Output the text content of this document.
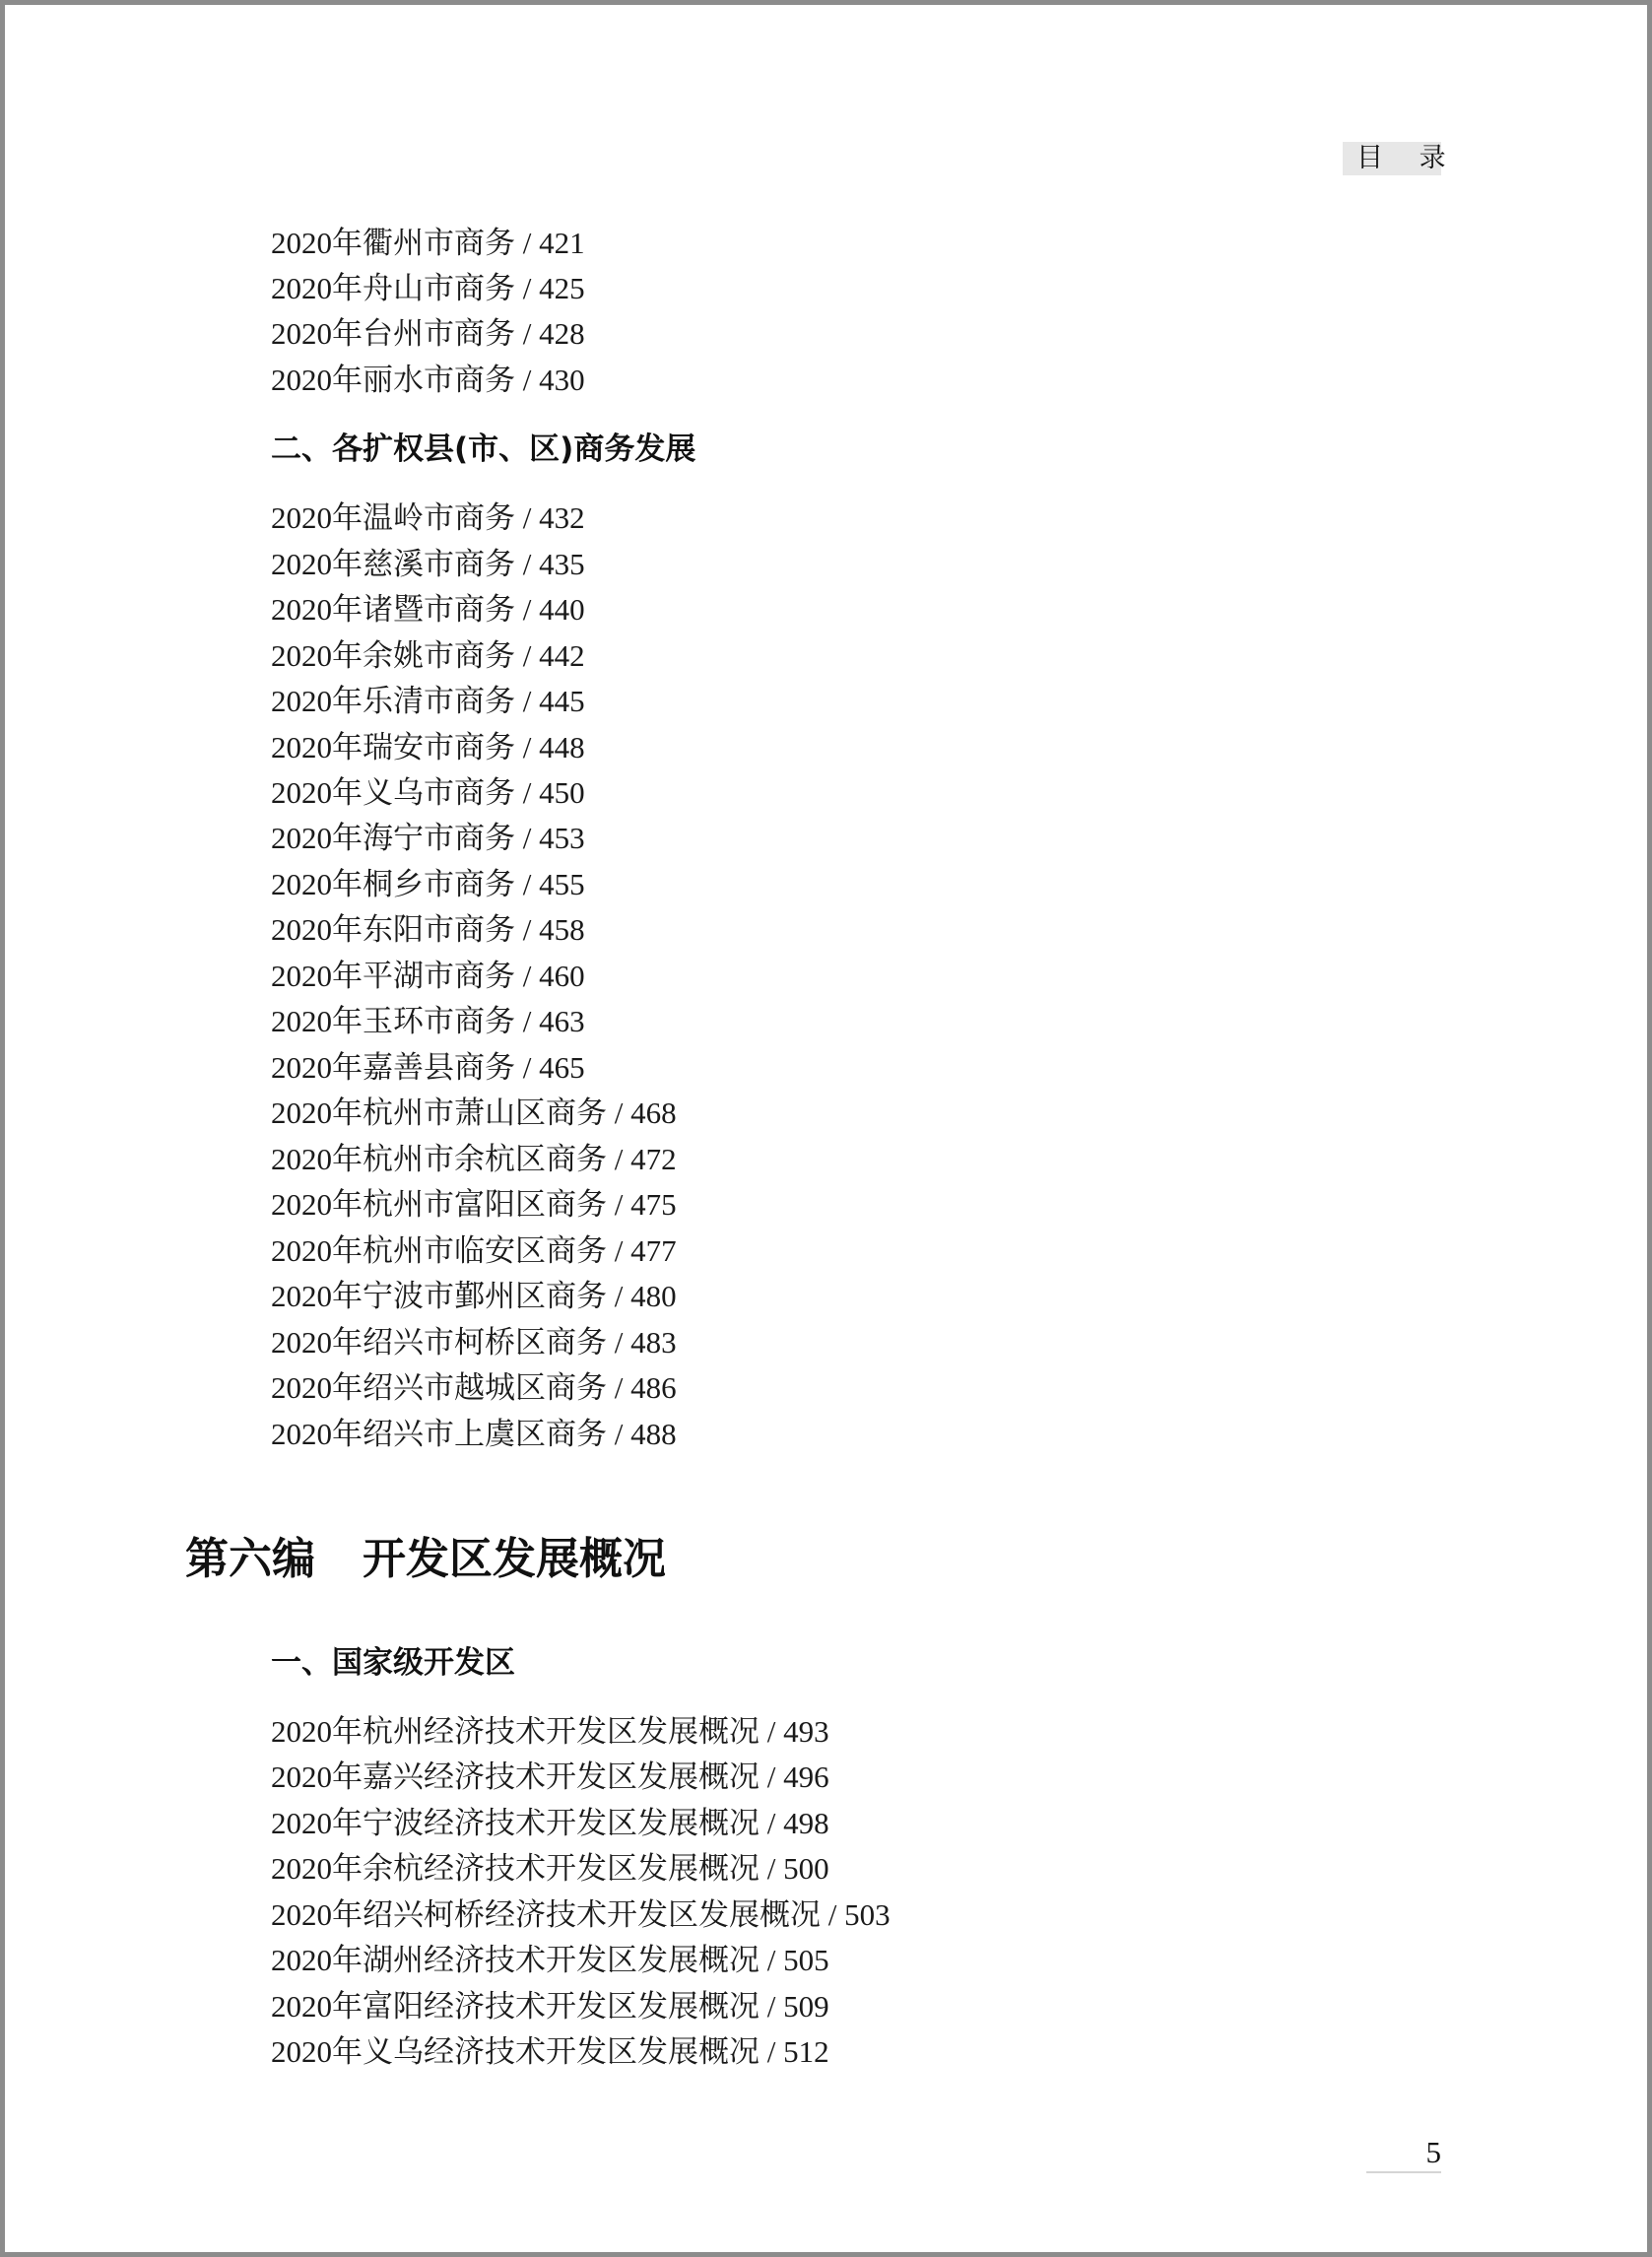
目 录
2020年衢州市商务 / 421
2020年舟山市商务 / 425
2020年台州市商务 / 428
2020年丽水市商务 / 430
二、各扩权县(市、区)商务发展
2020年温岭市商务 / 432
2020年慈溪市商务 / 435
2020年诸暨市商务 / 440
2020年余姚市商务 / 442
2020年乐清市商务 / 445
2020年瑞安市商务 / 448
2020年义乌市商务 / 450
2020年海宁市商务 / 453
2020年桐乡市商务 / 455
2020年东阳市商务 / 458
2020年平湖市商务 / 460
2020年玉环市商务 / 463
2020年嘉善县商务 / 465
2020年杭州市萧山区商务 / 468
2020年杭州市余杭区商务 / 472
2020年杭州市富阳区商务 / 475
2020年杭州市临安区商务 / 477
2020年宁波市鄞州区商务 / 480
2020年绍兴市柯桥区商务 / 483
2020年绍兴市越城区商务 / 486
2020年绍兴市上虞区商务 / 488
第六编 开发区发展概况
一、国家级开发区
2020年杭州经济技术开发区发展概况 / 493
2020年嘉兴经济技术开发区发展概况 / 496
2020年宁波经济技术开发区发展概况 / 498
2020年余杭经济技术开发区发展概况 / 500
2020年绍兴柯桥经济技术开发区发展概况 / 503
2020年湖州经济技术开发区发展概况 / 505
2020年富阳经济技术开发区发展概况 / 509
2020年义乌经济技术开发区发展概况 / 512
5
